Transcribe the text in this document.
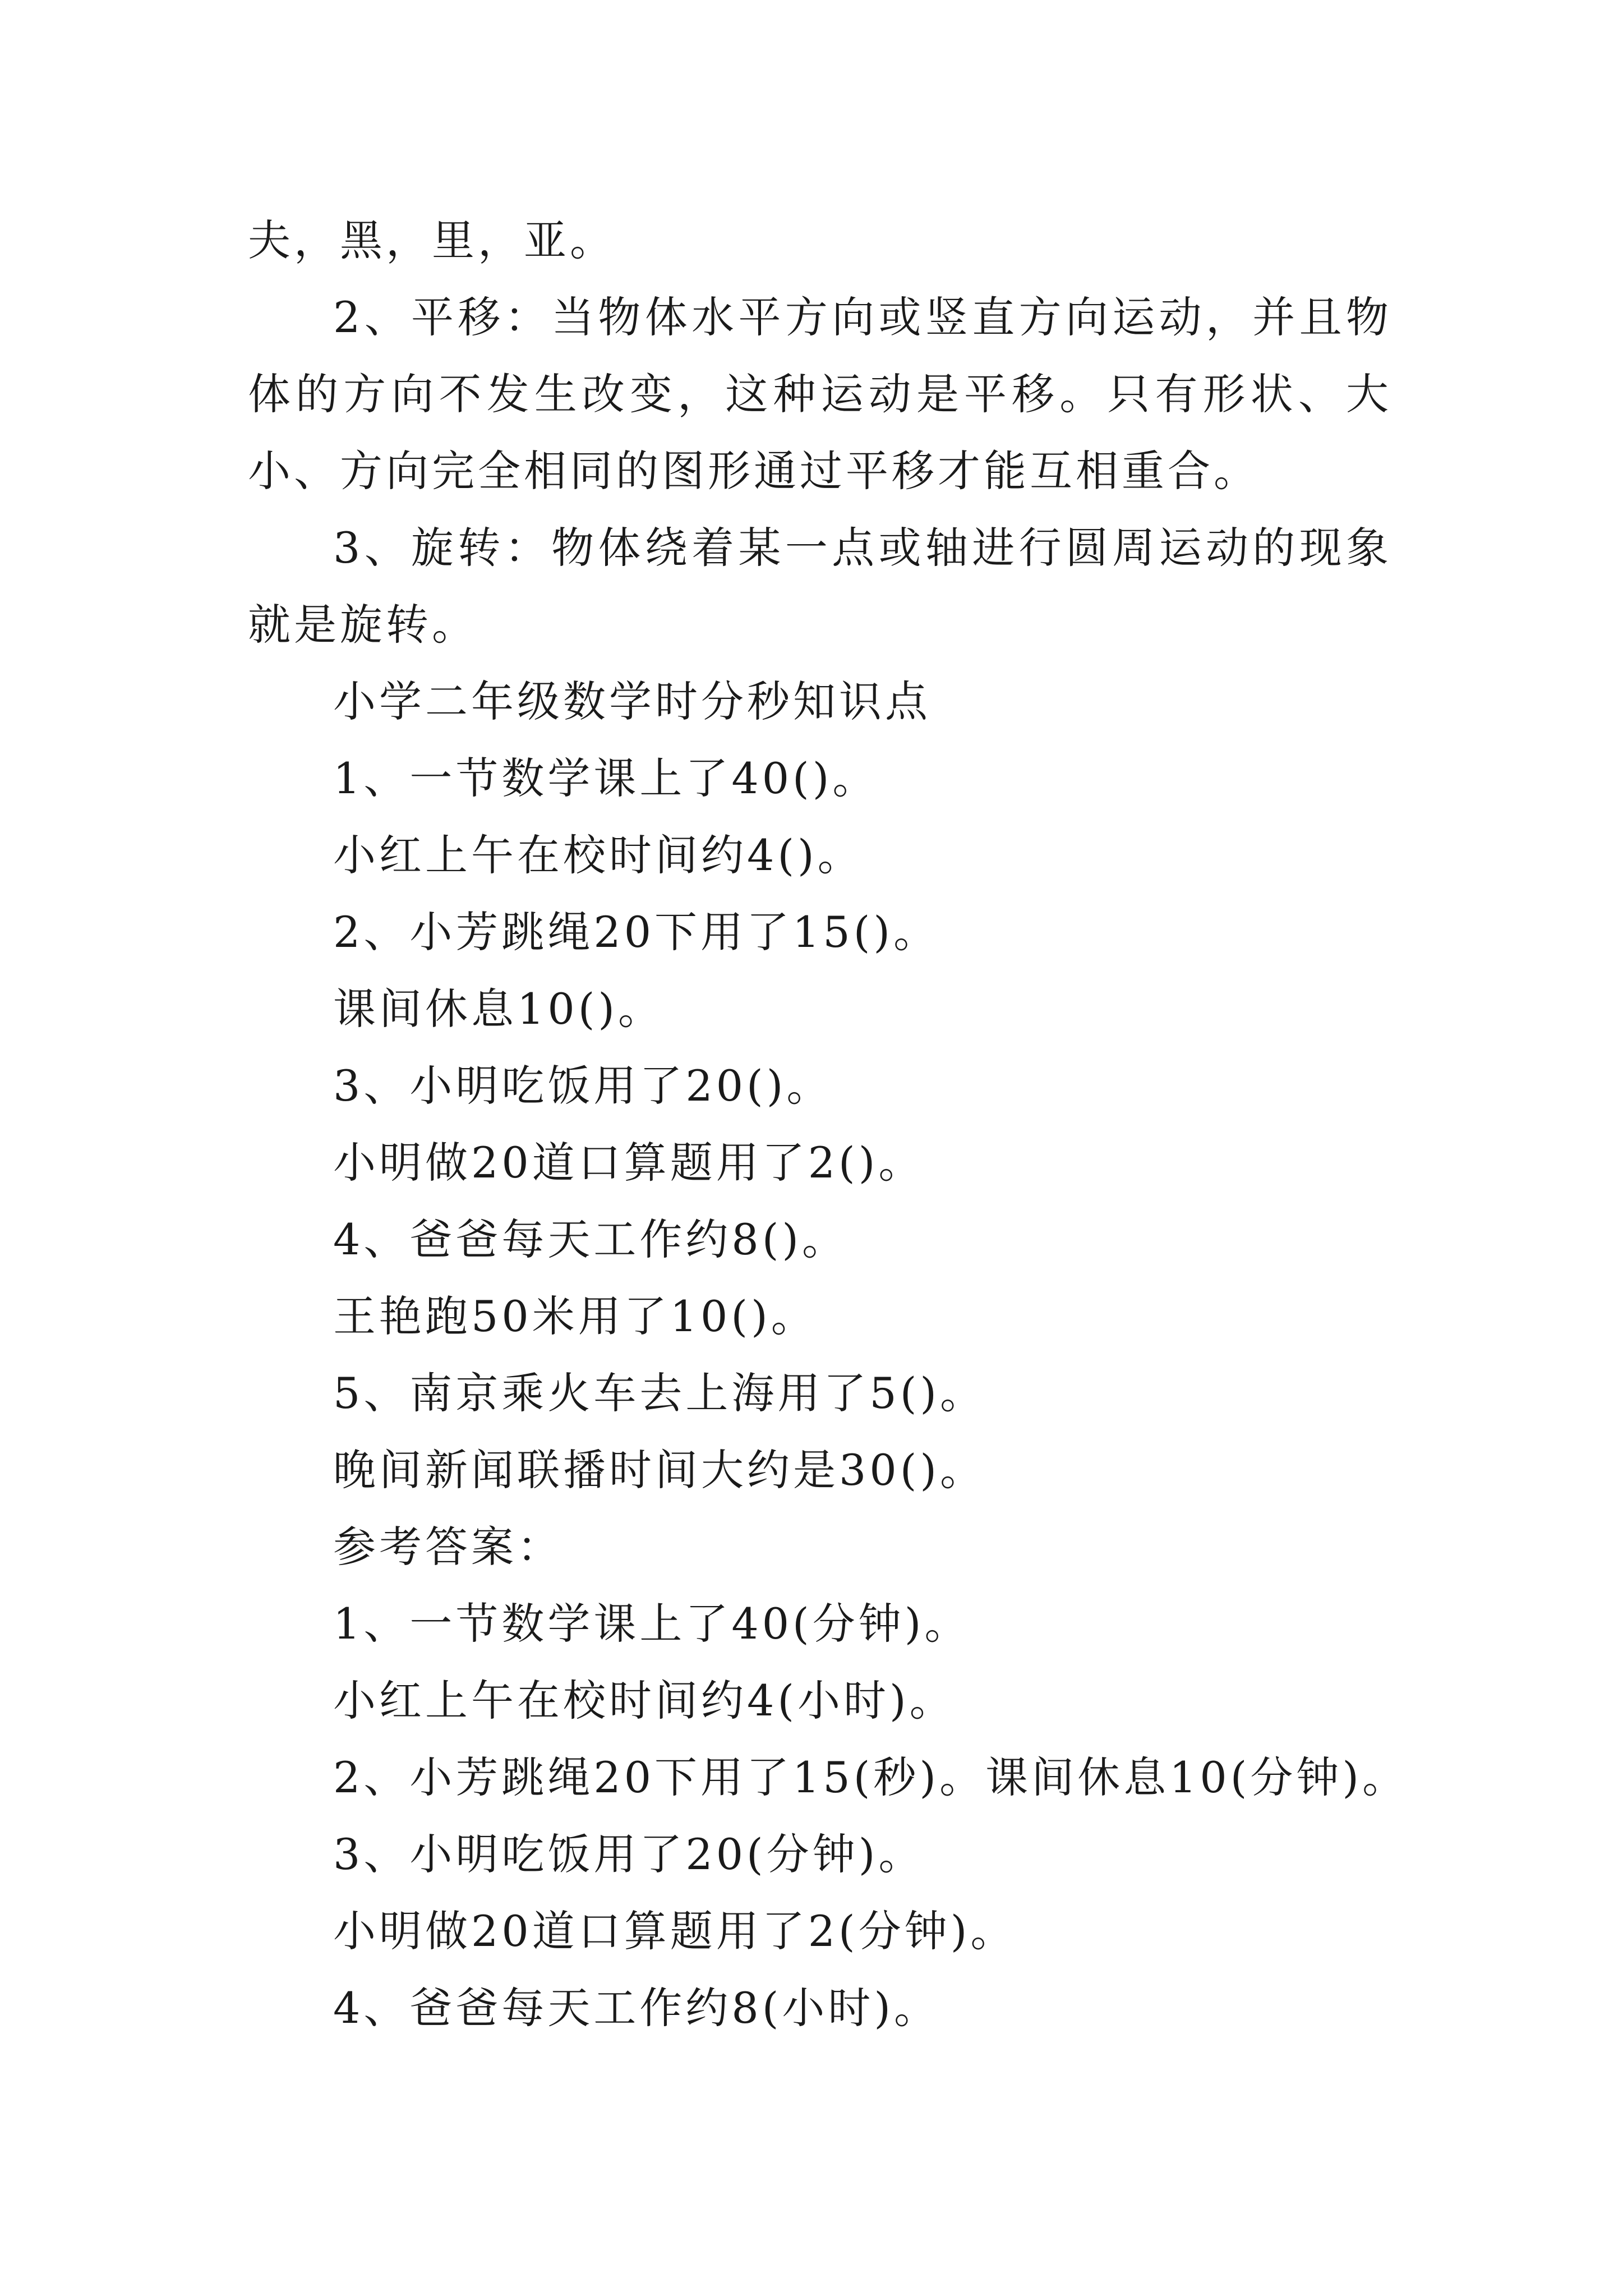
夫，黑，里，亚。

2、平移：当物体水平方向或竖直方向运动，并且物体的方向不发生改变，这种运动是平移。只有形状、大小、方向完全相同的图形通过平移才能互相重合。

3、旋转：物体绕着某一点或轴进行圆周运动的现象就是旋转。

小学二年级数学时分秒知识点

1、一节数学课上了40()。

小红上午在校时间约4()。

2、小芳跳绳20下用了15()。

课间休息10()。

3、小明吃饭用了20()。

小明做20道口算题用了2()。

4、爸爸每天工作约8()。

王艳跑50米用了10()。

5、南京乘火车去上海用了5()。

晚间新闻联播时间大约是30()。

参考答案：

1、一节数学课上了40(分钟)。

小红上午在校时间约4(小时)。

2、小芳跳绳20下用了15(秒)。课间休息10(分钟)。

3、小明吃饭用了20(分钟)。

小明做20道口算题用了2(分钟)。

4、爸爸每天工作约8(小时)。
